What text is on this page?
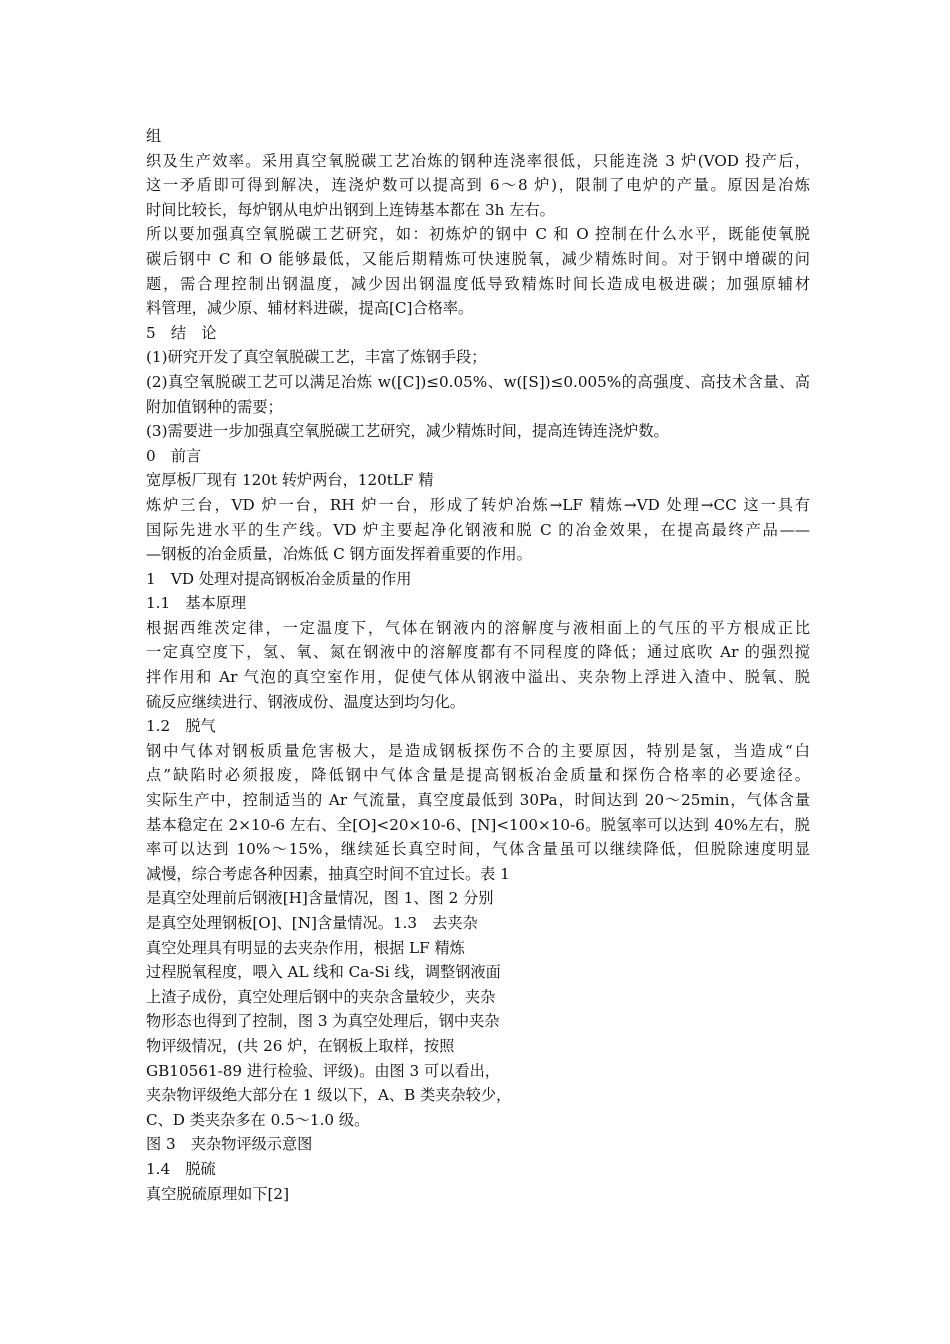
组
织及生产效率。采用真空氧脱碳工艺冶炼的钢种连浇率很低，只能连浇 3 炉(VOD 投产后，
这一矛盾即可得到解决，连浇炉数可以提高到 6～8 炉)，限制了电炉的产量。原因是冶炼
时间比较长，每炉钢从电炉出钢到上连铸基本都在 3h 左右。
所以要加强真空氧脱碳工艺研究，如：初炼炉的钢中 C 和 O 控制在什么水平，既能使氧脱
碳后钢中 C 和 O 能够最低，又能后期精炼可快速脱氧，减少精炼时间。对于钢中增碳的问
题，需合理控制出钢温度，减少因出钢温度低导致精炼时间长造成电极进碳；加强原辅材
料管理，减少原、辅材料进碳，提高[C]合格率。
5　结　论
(1)研究开发了真空氧脱碳工艺，丰富了炼钢手段；
(2)真空氧脱碳工艺可以满足冶炼 w([C])≤0.05%、w([S])≤0.005%的高强度、高技术含量、高
附加值钢种的需要；
(3)需要进一步加强真空氧脱碳工艺研究，减少精炼时间，提高连铸连浇炉数。
0　前言
宽厚板厂现有 120t 转炉两台，120tLF 精
炼炉三台，VD 炉一台，RH 炉一台，形成了转炉冶炼→LF 精炼→VD 处理→CC 这一具有
国际先进水平的生产线。VD 炉主要起净化钢液和脱 C 的冶金效果，在提高最终产品——
—钢板的冶金质量，冶炼低 C 钢方面发挥着重要的作用。
1　VD 处理对提高钢板冶金质量的作用
1.1　基本原理
根据西维茨定律，一定温度下，气体在钢液内的溶解度与液相面上的气压的平方根成正比
一定真空度下，氢、氧、氮在钢液中的溶解度都有不同程度的降低；通过底吹 Ar 的强烈搅
拌作用和 Ar 气泡的真空室作用，促使气体从钢液中溢出、夹杂物上浮进入渣中、脱氧、脱
硫反应继续进行、钢液成份、温度达到均匀化。
1.2　脱气
钢中气体对钢板质量危害极大，是造成钢板探伤不合的主要原因，特别是氢，当造成“白
点”缺陷时必须报废，降低钢中气体含量是提高钢板冶金质量和探伤合格率的必要途径。
实际生产中，控制适当的 Ar 气流量，真空度最低到 30Pa，时间达到 20～25min，气体含量
基本稳定在 2×10-6 左右、全[O]<20×10-6、[N]<100×10-6。脱氢率可以达到 40%左右，脱
率可以达到 10%～15%，继续延长真空时间，气体含量虽可以继续降低，但脱除速度明显
减慢，综合考虑各种因素，抽真空时间不宜过长。表 1
是真空处理前后钢液[H]含量情况，图 1、图 2 分别
是真空处理钢板[O]、[N]含量情况。1.3　去夹杂
真空处理具有明显的去夹杂作用，根据 LF 精炼
过程脱氧程度，喂入 AL 线和 Ca-Si 线，调整钢液面
上渣子成份，真空处理后钢中的夹杂含量较少，夹杂
物形态也得到了控制，图 3 为真空处理后，钢中夹杂
物评级情况，(共 26 炉，在钢板上取样，按照
GB10561-89 进行检验、评级)。由图 3 可以看出，
夹杂物评级绝大部分在 1 级以下，A、B 类夹杂较少，
C、D 类夹杂多在 0.5～1.0 级。
图 3　夹杂物评级示意图
1.4　脱硫
真空脱硫原理如下[2]
